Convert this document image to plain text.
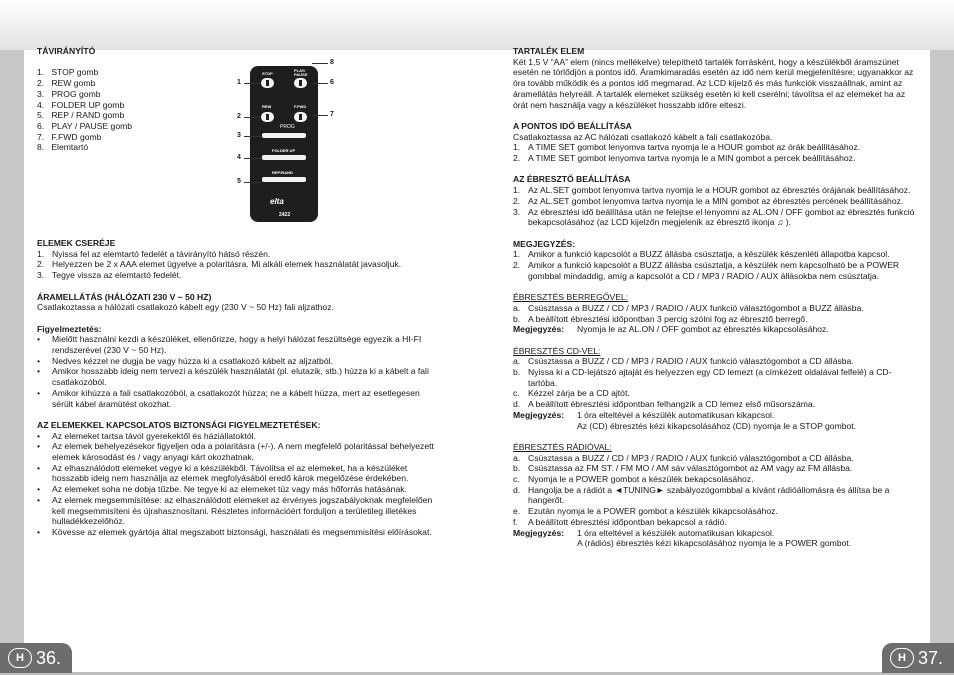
H 36.	H 37.

TÁVIRÁNYÍTÓ

1.   STOP gomb
2.   REW gomb
3.   PROG gomb
4.   FOLDER UP gomb
5.   REP / RAND gomb
6.   PLAY / PAUSE gomb
7.   F.FWD gomb
8.   Elemtartó

ELEMEK CSERÉJE

1. Nyissa fel az elemtartó fedelét a távirányító hátsó részén.
2. Helyezzen be 2 x AAA elemet ügyelve a polaritásra. Mi alkáli elemek használatát javasoljuk.
3. Tegye vissza az elemtartó fedelét.

ÁRAMELLÁTÁS (HÁLÓZATI 230 V ~ 50 HZ)

Csatlakoztassa a hálózati csatlakozó kábelt egy (230 V ~ 50 Hz) fali aljzathoz.

Figyelmeztetés:

•	Mielőtt használni kezdi a készüléket, ellenőrizze, hogy a helyi hálózat feszültsége egyezik a HI-FI rendszerével (230 V ~ 50 Hz).
•	Nedves kézzel ne dugja be vagy húzza ki a csatlakozó kábelt az aljzatból.
•	Amikor hosszabb ideig nem tervezi a készülék használatát (pl. elutazik, stb.) húzza ki a kábelt a fali csatlakozóból.
•	Amikor kihúzza a fali csatlakozóból, a csatlakozót húzza; ne a kábelt húzza, mert az esetlegesen sérült kábel áramütést okozhat.

AZ ELEMEKKEL KAPCSOLATOS BIZTONSÁGI FIGYELMEZTETÉSEK:

•	Az elemeket tartsa távol gyerekektől és háziállatoktól.
•	Az elemek behelyezésekor figyeljen oda a polaritásra (+/-). A nem megfelelő polaritással behelyezett elemek károsodást és / vagy anyagi kárt okozhatnak.
•	Az elhasználódott elemeket vegye ki a készülékből. Távolítsa el az elemeket, ha a készüléket hosszabb ideig nem használja az elemek megfolyásából eredő károk megelőzése érdekében.
•	Az elemeket soha ne dobja tűzbe. Ne tegye ki az elemeket túz vagy más hőforrás hatásának.
•	Az elemek megsemmisítése: az elhasználódott elemeket az érvényes jogszabályoknak megfelelően kell megsemmisíteni és újrahasznosítani. Részletes információért forduljon a területileg illetékes hulladékkezelőhöz.
•	Kövesse az elemek gyártója által megszabott biztonsági, használati és megsemmisítési előírásokat.
STOP
PLAY/
PAUSE
REW	F.FWD
PROG
FOLDER UP
REP/RAND
elta
2422
1
2
3
4
5
6
7
8

TARTALÉK ELEM

Két 1,5 V “AA” elem (nincs mellékelve) telepíthető tartalék forrásként, hogy a készülékből áramszünet esetén ne törlődjön a pontos idő. Áramkimaradás esetén az idő nem kerül megjelenítésre; ugyanakkor az óra tovább működik és a pontos idő megmarad. Az LCD kijelző és más funkciók visszaállnak, amint az áramellátás helyreáll. A tartalék elemeket szükség esetén ki kell cserélni; távolítsa el az elemeket ha az órát nem használja vagy a készüléket hosszabb időre elteszi.

A PONTOS IDŐ BEÁLLÍTÁSA

Csatlakoztassa az AC hálózati csatlakozó kábelt a fali csatlakozóba.

1. A TIME SET gombot lenyomva tartva nyomja le a HOUR gombot az órák beállításához.
2. A TIME SET gombot lenyomva tartva nyomja le a MIN gombot a percek beállításához.

AZ ÉBRESZTŐ BEÁLLÍTÁSA

1. Az AL.SET gombot lenyomva tartva nyomja le a HOUR gombot az ébresztés órájának beállításához.
2. Az AL.SET gombot lenyomva tartva nyomja le a MIN gombot az ébresztés percének beállításához.
3. Az ébresztési idő beállítása után ne felejtse el lenyomni az AL.ON / OFF gombot az ébresztés funkció bekapcsolásához (az LCD kijelzőn megjelenik az ébresztő ikonja ♫ ).

MEGJEGYZÉS:

1. Amikor a funkció kapcsolót a BUZZ állásba csúsztatja, a készülék készenléti állapotba kapcsol.
2. Amikor a funkció kapcsolót a BUZZ állásba csúsztatja, a készülék nem kapcsolható be a POWER gombbal mindaddig, amíg a kapcsolót a CD / MP3 / RADIO / AUX állásokba nem csúsztatja.

ÉBRESZTÉS BERREGŐVEL:

a. Csúsztassa a BUZZ / CD / MP3 / RADIO / AUX funkció választógombot a BUZZ állásba.
b. A beállított ébresztési időpontban 3 percig szólni fog az ébresztő berregő.
Megjegyzés:	Nyomja le az AL.ON / OFF gombot az ébresztés kikapcsolásához.

ÉBRESZTÉS CD-VEL:

a. Csúsztassa a BUZZ / CD / MP3 / RADIO / AUX funkció választógombot a CD állásba.
b. Nyissa ki a CD-lejátszó ajtaját és helyezzen egy CD lemezt (a címkézett oldalával felfelé) a CD-tartóba.
c. Kézzel zárja be a CD ajtót.
d. A beállított ébresztési időpontban felhangzik a CD lemez első műsorszáma.
Megjegyzés:	1 óra elteltével a készülék automatikusan kikapcsol.
Az (CD) ébresztés kézi kikapcsolásához (CD) nyomja le a STOP gombot.

ÉBRESZTÉS RÁDIÓVAL:

a. Csúsztassa a BUZZ / CD / MP3 / RADIO / AUX funkció választógombot a CD állásba.
b. Csúsztassa az FM ST. / FM MO / AM sáv választógombot az AM vagy az FM állásba.
c. Nyomja le a POWER gombot a készülék bekapcsolásához.
d. Hangolja be a rádiót a ◄TUNING► szabályozógombbal a kívánt rádióállomásra és állítsa be a hangerőt.
e. Ezután nyomja le a POWER gombot a készülék kikapcsolásához.
f.	A beállított ébresztési időpontban bekapcsol a rádió.
Megjegyzés:	1 óra elteltével a készülék automatikusan kikapcsol.
A (rádiós) ébresztés kézi kikapcsolásához nyomja le a POWER gombot.
